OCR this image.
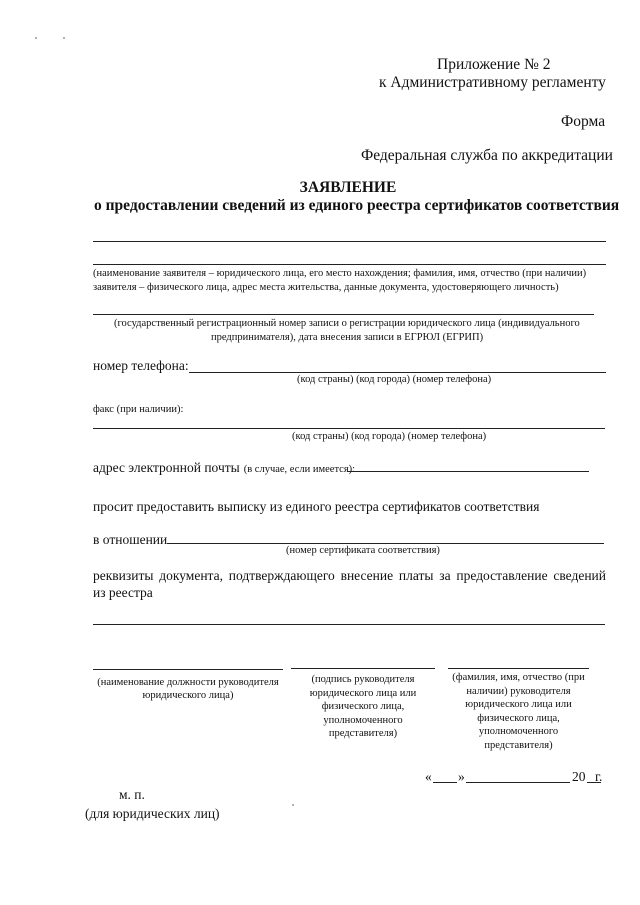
Приложение № 2
к Административному регламенту
Форма
Федеральная служба по аккредитации
ЗАЯВЛЕНИЕ
о предоставлении сведений из единого реестра сертификатов соответствия
(наименование заявителя – юридического лица, его место нахождения; фамилия, имя, отчество (при наличии)
заявителя – физического лица, адрес места жительства, данные документа, удостоверяющего личность)
(государственный регистрационный номер записи о регистрации юридического лица (индивидуального
предпринимателя), дата внесения записи в ЕГРЮЛ (ЕГРИП)
номер телефона:
(код страны) (код города) (номер телефона)
факс (при наличии):
(код страны) (код города) (номер телефона)
адрес электронной почты (в случае, если имеется):
просит предоставить выписку из единого реестра сертификатов соответствия
в отношении
(номер сертификата соответствия)
реквизиты документа, подтверждающего внесение платы за предоставление сведений
из реестра
(наименование должности руководителя
юридического лица)
(подпись руководителя
юридического лица или
физического лица,
уполномоченного
представителя)
(фамилия, имя, отчество (при
наличии) руководителя
юридического лица или
физического лица,
уполномоченного
представителя)
« »	20 г.
м. п.
(для юридических лиц)
